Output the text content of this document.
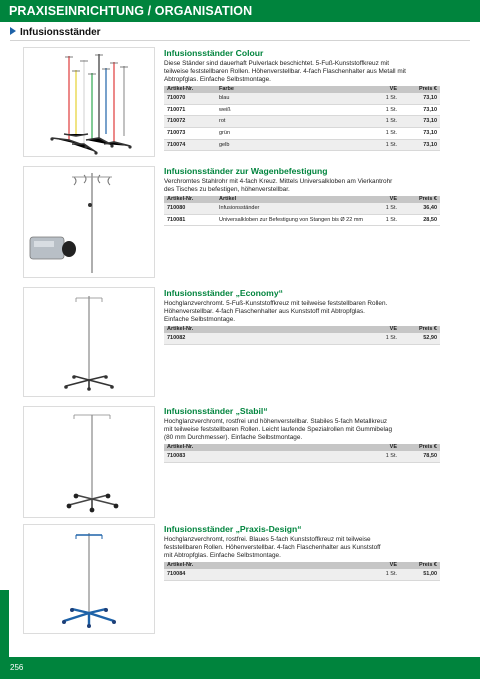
PRAXISEINRICHTUNG / ORGANISATION
Infusionsständer
Infusionsständer Colour
Diese Ständer sind dauerhaft Pulverlack beschichtet. 5-Fuß-Kunststoffkreuz mit
teilweise feststellbaren Rollen. Höhenverstellbar. 4-fach Flaschenhalter aus Metall mit
Abtropfglas. Einfache Selbstmontage.
Artikel-Nr.	Farbe	VE	Preis €
710070	blau	1 St.	73,10
710071	weiß	1 St.	73,10
710072	rot	1 St.	73,10
710073	grün	1 St.	73,10
710074	gelb	1 St.	73,10
Infusionsständer zur Wagenbefestigung
Verchromtes Stahlrohr mit 4-fach Kreuz. Mittels Universalkloben am Vierkantrohr
des Tisches zu befestigen, höhenverstellbar.
Artikel-Nr.	Artikel	VE	Preis €
710080	Infusionsständer	1 St.	36,40
710081	Universalkloben zur Befestigung von Stangen bis Ø 22 mm	1 St.	28,50
Infusionsständer „Economy“
Hochglanzverchromt. 5-Fuß-Kunststoffkreuz mit teilweise feststellbaren Rollen.
Höhenverstellbar. 4-fach Flaschenhalter aus Kunststoff mit Abtropfglas.
Einfache Selbstmontage.
Artikel-Nr.		VE	Preis €
710082		1 St.	52,90
Infusionsständer „Stabil“
Hochglanzverchromt, rostfrei und höhenverstellbar. Stabiles 5-fach Metallkreuz
mit teilweise feststellbaren Rollen. Leicht laufende Spezialrollen mit Gummibelag
(80 mm Durchmesser). Einfache Selbstmontage.
Artikel-Nr.		VE	Preis €
710083		1 St.	78,50
Infusionsständer „Praxis-Design“
Hochglanzverchromt, rostfrei. Blaues 5-fach Kunststoffkreuz mit teilweise
feststellbaren Rollen. Höhenverstellbar. 4-fach Flaschenhalter aus Kunststoff
mit Abtropfglas. Einfache Selbstmontage.
Artikel-Nr.		VE	Preis €
710084		1 St.	51,00
256
